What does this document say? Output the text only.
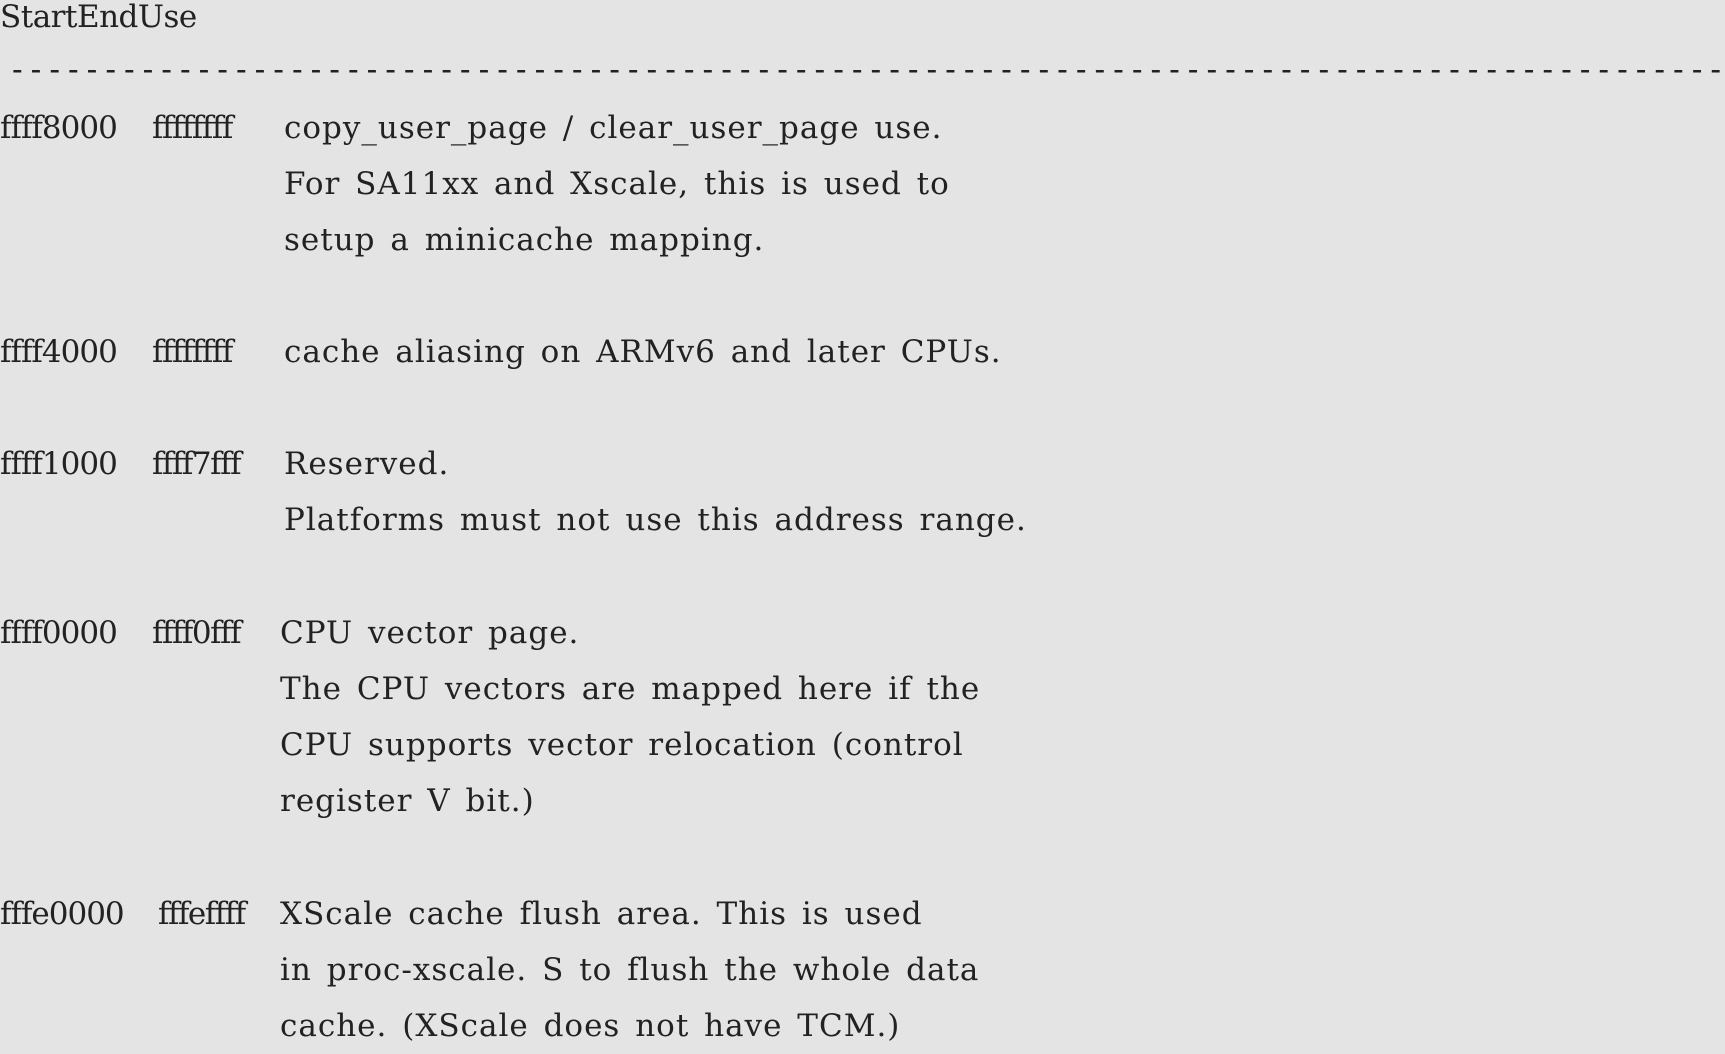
StartEndUse
--------------------------------------------------------------------------------------------
ffff8000 ffffffff copy_user_page / clear_user_page use.
For SA11xx and Xscale, this is used to
setup a minicache mapping.
ffff4000 ffffffff cache aliasing on ARMv6 and later CPUs.
ffff1000 ffff7fff Reserved.
Platforms must not use this address range.
ffff0000 ffff0fff CPU vector page.
The CPU vectors are mapped here if the
CPU supports vector relocation (control
register V bit.)
fffe0000 fffeffff XScale cache flush area. This is used
in proc-xscale. S to flush the whole data
cache. (XScale does not have TCM.)
